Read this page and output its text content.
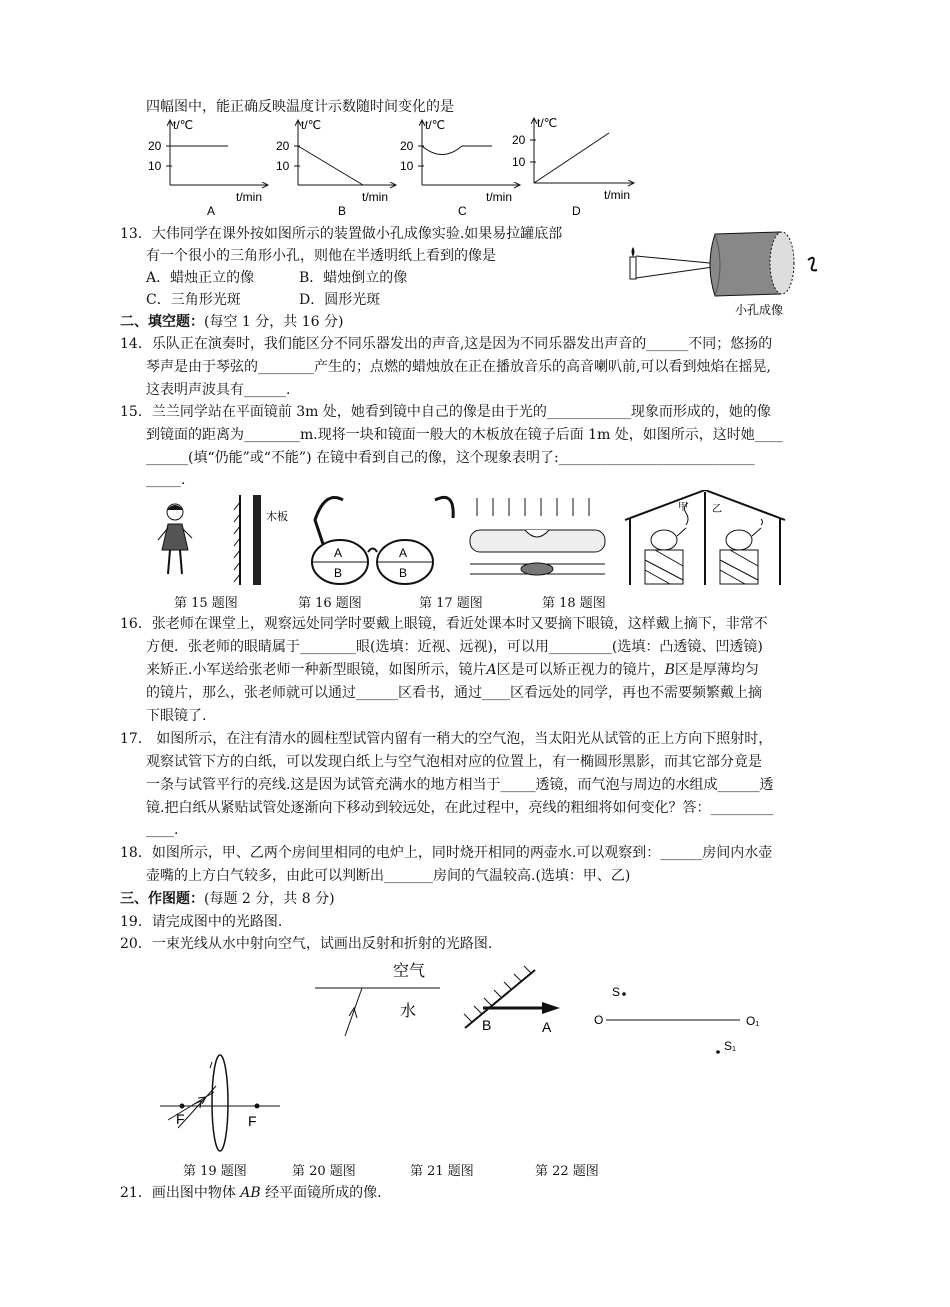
四幅图中，能正确反映温度计示数随时间变化的是
t/℃
20
10
t/min
A
t/℃
20
10
t/min
B
t/℃
20
10
t/min
C
t/℃
20
10
t/min
D
13．大伟同学在课外按如图所示的装置做小孔成像实验.如果易拉罐底部
有一个很小的三角形小孔，则他在半透明纸上看到的像是
A．蜡烛正立的像	B．蜡烛倒立的像
C．三角形光斑	D．圆形光斑
小孔成像
二、填空题：(每空 1 分，共 16 分)
14．乐队正在演奏时，我们能区分不同乐器发出的声音,这是因为不同乐器发出声音的______不同；悠扬的
琴声是由于琴弦的________产生的；点燃的蜡烛放在正在播放音乐的高音喇叭前,可以看到烛焰在摇晃,
这表明声波具有______.
15．兰兰同学站在平面镜前 3m 处，她看到镜中自己的像是由于光的____________现象而形成的，她的像
到镜面的距离为________m.现将一块和镜面一般大的木板放在镜子后面 1m 处，如图所示，这时她____
______(填“仍能”或“不能”) 在镜中看到自己的像，这个现象表明了:____________________________
_____.
木板
A
B
A
B
甲 乙
第 15 题图	第 16 题图	第 17 题图	第 18 题图
16．张老师在课堂上，观察远处同学时要戴上眼镜，看近处课本时又要摘下眼镜，这样戴上摘下，非常不
方便．张老师的眼睛属于________眼(选填：近视、远视)，可以用_________(选填：凸透镜、凹透镜)
来矫正.小军送给张老师一种新型眼镜，如图所示，镜片A区是可以矫正视力的镜片，B区是厚薄均匀
的镜片，那么，张老师就可以通过______区看书，通过____区看远处的同学，再也不需要频繁戴上摘
下眼镜了.
17． 如图所示，在注有清水的圆柱型试管内留有一稍大的空气泡，当太阳光从试管的正上方向下照射时，
观察试管下方的白纸，可以发现白纸上与空气泡相对应的位置上，有一椭圆形黑影，而其它部分竟是
一条与试管平行的亮线.这是因为试管充满水的地方相当于_____透镜，而气泡与周边的水组成______透
镜.把白纸从紧贴试管处逐渐向下移动到较远处，在此过程中，亮线的粗细将如何变化？答：_________
____.
18．如图所示，甲、乙两个房间里相同的电炉上，同时烧开相同的两壶水.可以观察到：______房间内水壶
壶嘴的上方白气较多，由此可以判断出_______房间的气温较高.(选填：甲、乙)
三、作图题：(每题 2 分，共 8 分)
19．请完成图中的光路图.
20．一束光线从水中射向空气，试画出反射和折射的光路图.
空气
水
B	A
S
O	O₁
S₁
F	F
第 19 题图	第 20 题图	第 21 题图	第 22 题图
21．画出图中物体 AB 经平面镜所成的像.
